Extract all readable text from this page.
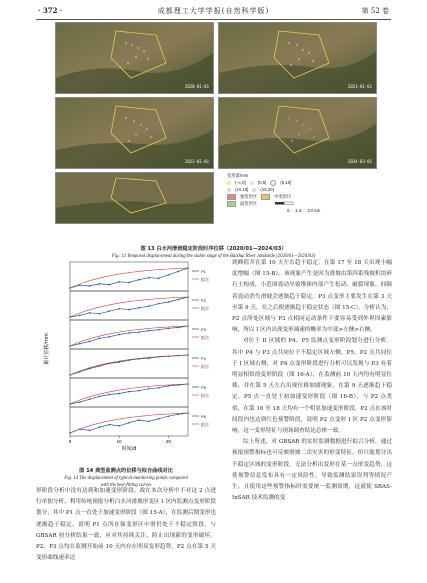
· 372 ·	成都理工大学学报(自然科学版)	第 52 卷
2020-01-01	2021-01-01
2022-01-01	2024-03-01
变形量/mm
(-∞,0]	(0,5]	(5,10]
(10,15]	(15,20]
强变形区	中变形区
弱变形区
0 1.5 3.0 km
图 13 白水河滑坡稳定阶段时序位移（2020/01—2024/03）
Fig. 13 Temporal displacement during the stable stage of the Baishui River landslide (2020/01—2024/03)
P1
拟合
P2
拟合
P3
拟合
P4
拟合
P5
拟合
P6
拟合
0	10	20
时间/d
累计位移/mm
图 14 典型监测点的位移与拟合曲线对比
Fig. 14 The displacement of typical monitoring points compared
with the best-fitting curves

形阶段分析中没有达到和加速变形阶段。故在本次分析中不对这 2 点进行单独分析。利用传统预报分析白水河滑坡形变区 I 区内监测点变形阶段划分，其中 P1 点一直处于加速变形阶段（图 15-A），在监测后期变形也逐渐趋于稳定，说明 P1 点所在强变形区中滑仍处于不稳定阶段，与 GBSAR 初分析结果一致，应对其持续关注，防止出现新的变形破坏。P2、P3 点均在监测开始前 10 天内存在明显变形趋势，P2 点在第 5 天变形曲线速率达

到峰值并在第 10 天左右趋于稳定。在第 17 至 18 天出现小幅度增幅（图 15-B）。该现象产生是因为滑坡由第四系残坡积块碎石土构成，小范围震动导致堆体内部产生松动、破裂现象，间隔着震动消失滑坡会逐渐趋于稳定。P3 点变形主要发生在第 3 天至第 9 天，在之后便逐渐趋于稳定状态（图 15-C）。分析认为，P2 点所处区域与 P3 点相同运动条件下要容易受到外界因素影响，所以 I 区内出现变形减速的概率为中部>左侧>右侧。

对位于 II 区域的 P4、P5 监测点变形阶段划分进行分析。其中 P4 与 P3 点共同位于不稳定区域左侧，P5、P2 点共同位于 I 区域右侧，对 P4 点变形阶段进行分析可以发现与 P3 有着明显相似的变形阶段（图 16-A），在监测前 10 天内均有明显位移，并在第 5 天左右出现位移加剧现象，在第 9 天逐渐趋于稳定。P5 点一直处于初加速变形阶段（图 16-B），与 P2 点类似，在第 16 至 18 天均有一个明显加速变形阶段，P2 点在该时间段内也达到红色预警阶段，说明 P2 点变形 I 区 P2 点变形影响，这一变形特征与现场调查结论总体一致。

综上所述，对 GBSAR 的实时监测数据进行拟合分析，通过预报预警指标也可反映滑坡二次灾害的形变特征，但只能划分出不稳定区域的变形阶段，无法分析出变形在某一点形变趋势，这使预警信息发布具有一定风险性，导致监测结果误判等情况产生。且使用这些预警指标时需要统一监测周期，这就使 SBAS-InSAR 技术监测的变
